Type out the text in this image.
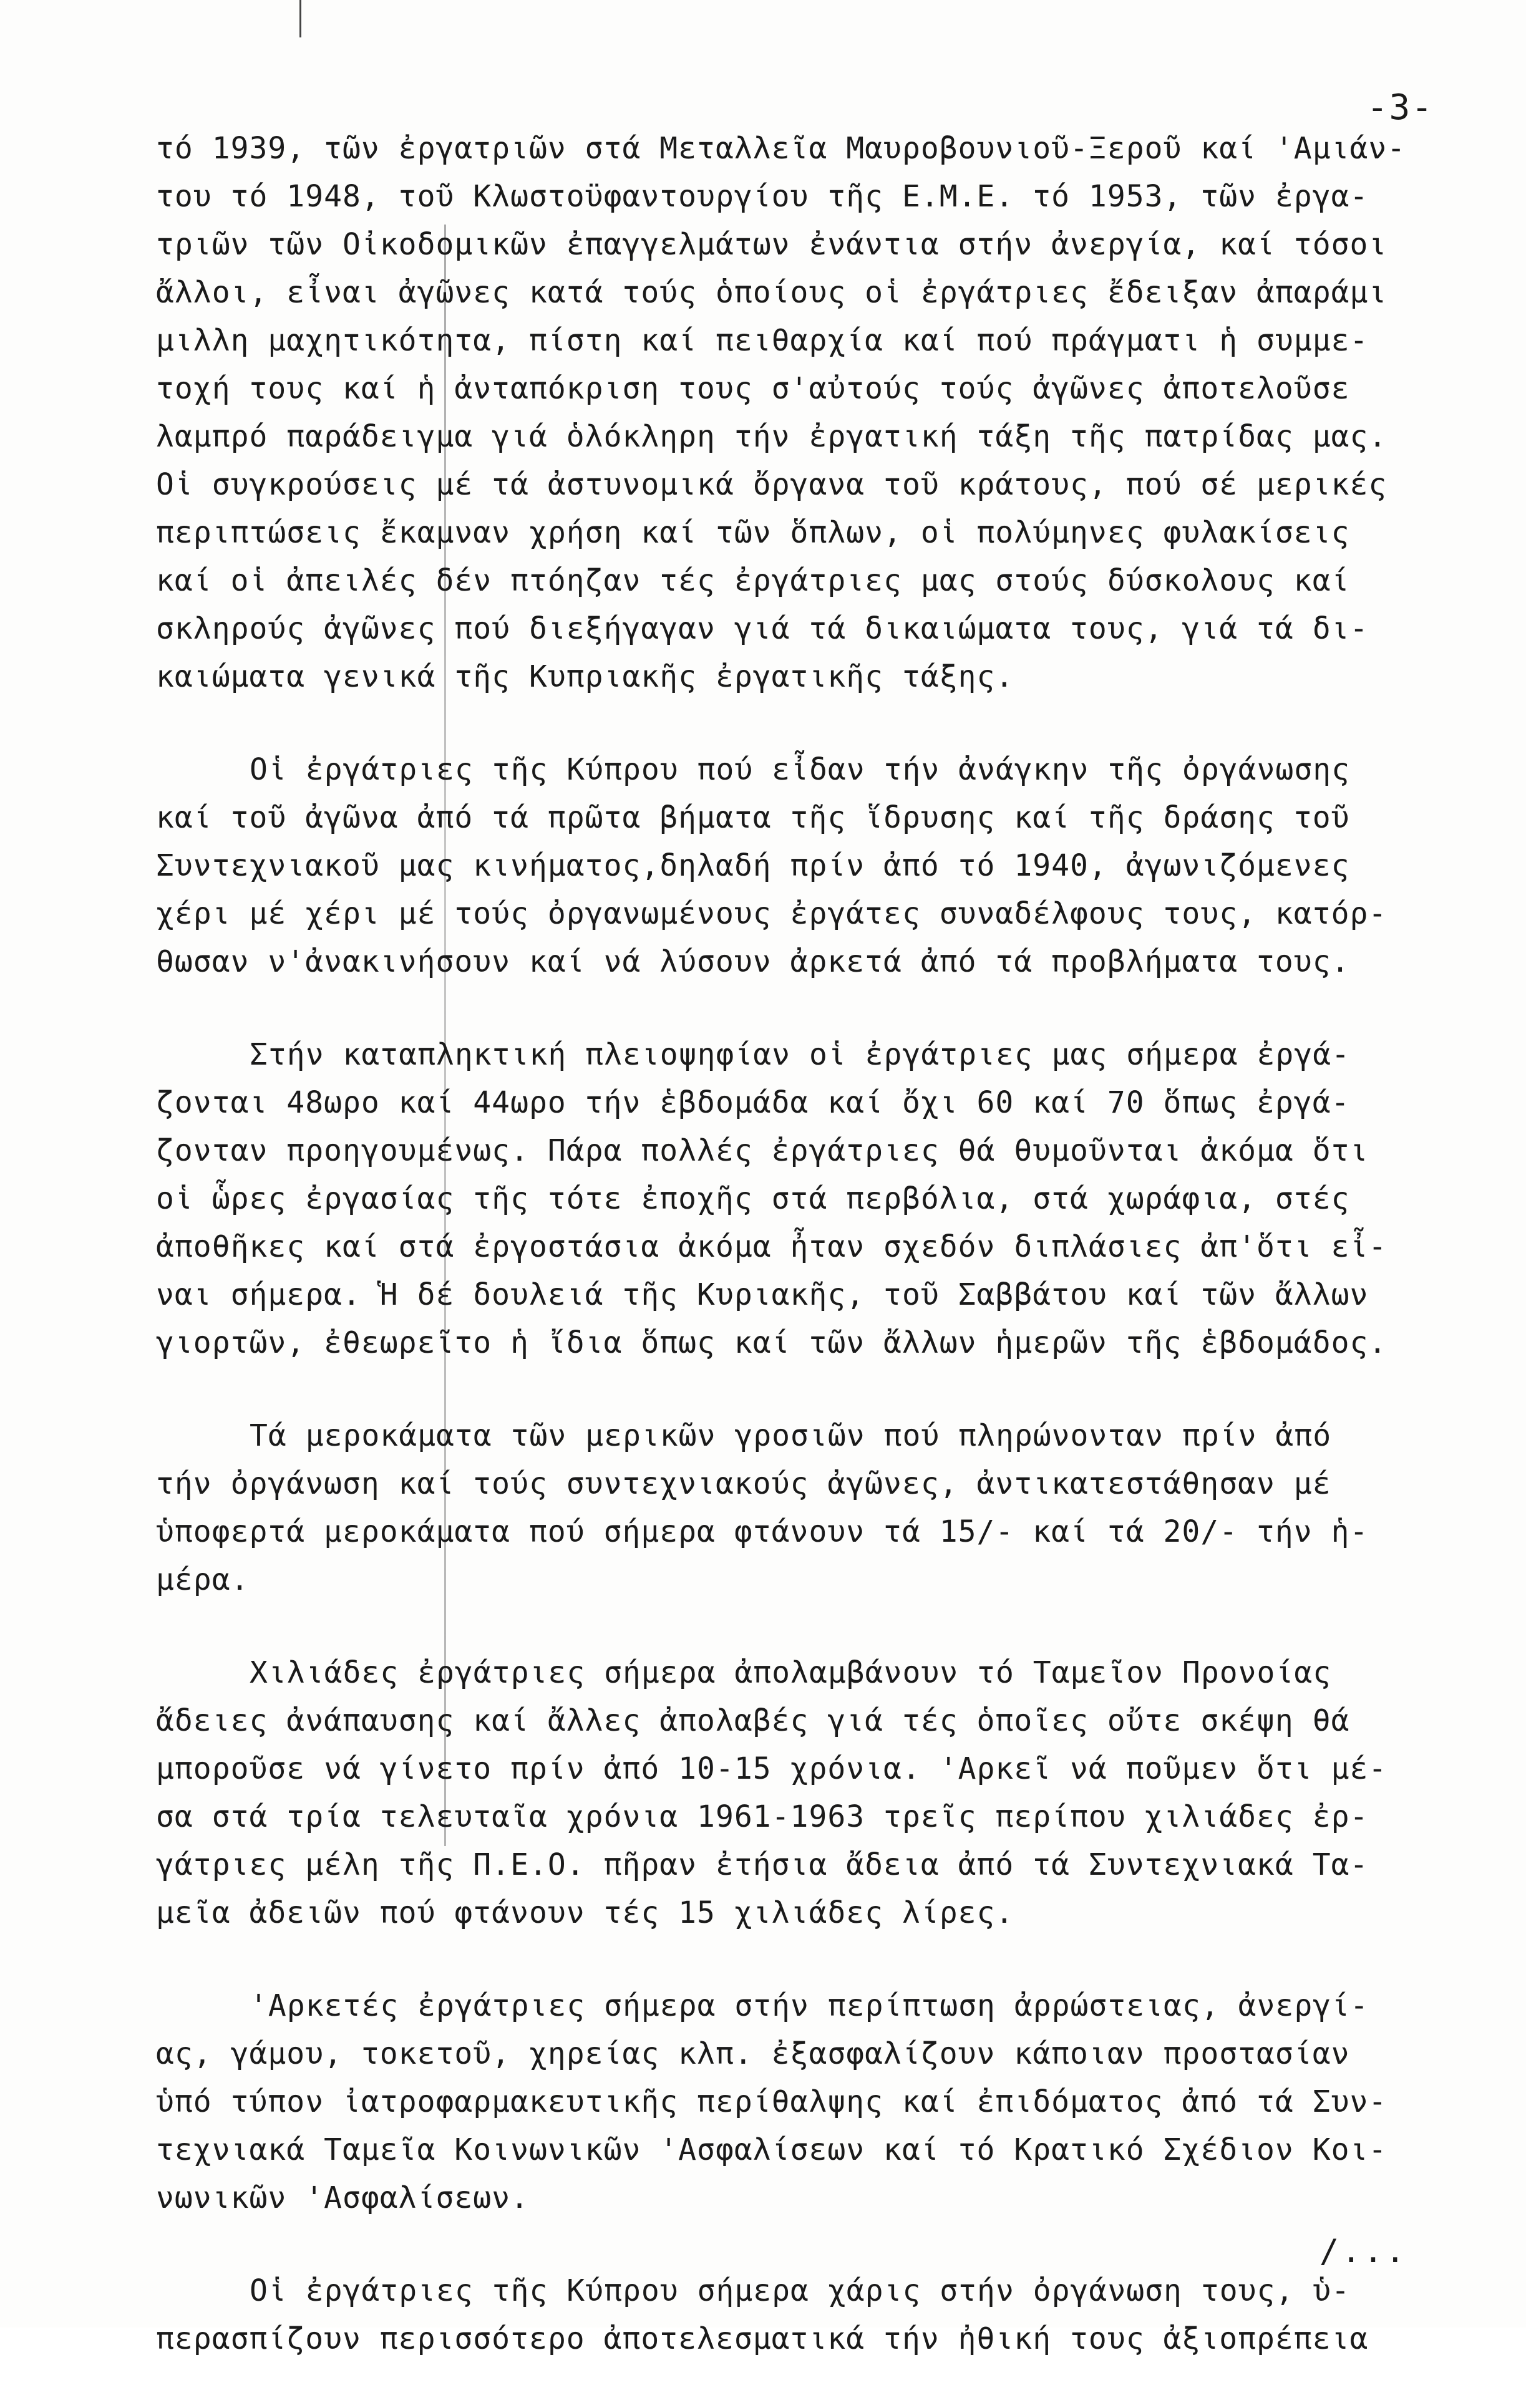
-3-
τό 1939, τῶν ἐργατριῶν στά Μεταλλεῖα Μαυροβουνιοῦ-Ξεροῦ καί 'Αμιάν-
του τό 1948, τοῦ Κλωστοϋφαντουργίου τῆς Ε.Μ.Ε. τό 1953, τῶν ἐργα-
τριῶν τῶν Οἰκοδομικῶν ἐπαγγελμάτων ἐνάντια στήν ἀνεργία, καί τόσοι
ἄλλοι, εἶναι ἀγῶνες κατά τούς ὁποίους οἱ ἐργάτριες ἔδειξαν ἀπαράμι
μιλλη μαχητικότητα, πίστη καί πειθαρχία καί πού πράγματι ἡ συμμε-
τοχή τους καί ἡ ἀνταπόκριση τους σ'αὐτούς τούς ἀγῶνες ἀποτελοῦσε
λαμπρό παράδειγμα γιά ὁλόκληρη τήν ἐργατική τάξη τῆς πατρίδας μας.
Οἱ συγκρούσεις μέ τά ἀστυνομικά ὄργανα τοῦ κράτους, πού σέ μερικές
περιπτώσεις ἔκαμναν χρήση καί τῶν ὅπλων, οἱ πολύμηνες φυλακίσεις
καί οἱ ἀπειλές δέν πτόηζαν τές ἐργάτριες μας στούς δύσκολους καί
σκληρούς ἀγῶνες πού διεξήγαγαν γιά τά δικαιώματα τους, γιά τά δι-
καιώματα γενικά τῆς Κυπριακῆς ἐργατικῆς τάξης.
Οἱ ἐργάτριες τῆς Κύπρου πού εἶδαν τήν ἀνάγκην τῆς ὀργάνωσης
καί τοῦ ἀγῶνα ἀπό τά πρῶτα βήματα τῆς ἵδρυσης καί τῆς δράσης τοῦ
Συντεχνιακοῦ μας κινήματος,δηλαδή πρίν ἀπό τό 1940, ἀγωνιζόμενες
χέρι μέ χέρι μέ τούς ὀργανωμένους ἐργάτες συναδέλφους τους, κατόρ-
θωσαν ν'ἀνακινήσουν καί νά λύσουν ἀρκετά ἀπό τά προβλήματα τους.
Στήν καταπληκτική πλειοψηφίαν οἱ ἐργάτριες μας σήμερα ἐργά-
ζονται 48ωρο καί 44ωρο τήν ἑβδομάδα καί ὄχι 60 καί 70 ὅπως ἐργά-
ζονταν προηγουμένως. Πάρα πολλές ἐργάτριες θά θυμοῦνται ἀκόμα ὅτι
οἱ ὧρες ἐργασίας τῆς τότε ἐποχῆς στά περβόλια, στά χωράφια, στές
ἀποθῆκες καί στά ἐργοστάσια ἀκόμα ἦταν σχεδόν διπλάσιες ἀπ'ὅτι εἶ-
ναι σήμερα. Ἡ δέ δουλειά τῆς Κυριακῆς, τοῦ Σαββάτου καί τῶν ἄλλων
γιορτῶν, ἐθεωρεῖτο ἡ ἴδια ὅπως καί τῶν ἄλλων ἡμερῶν τῆς ἑβδομάδος.
Τά μεροκάματα τῶν μερικῶν γροσιῶν πού πληρώνονταν πρίν ἀπό
τήν ὀργάνωση καί τούς συντεχνιακούς ἀγῶνες, ἀντικατεστάθησαν μέ
ὑποφερτά μεροκάματα πού σήμερα φτάνουν τά 15/- καί τά 20/- τήν ἡ-
μέρα.
Χιλιάδες ἐργάτριες σήμερα ἀπολαμβάνουν τό Ταμεῖον Προνοίας
ἄδειες ἀνάπαυσης καί ἄλλες ἀπολαβές γιά τές ὁποῖες οὔτε σκέψη θά
μποροῦσε νά γίνετο πρίν ἀπό 10-15 χρόνια. 'Αρκεῖ νά ποῦμεν ὅτι μέ-
σα στά τρία τελευταῖα χρόνια 1961-1963 τρεῖς περίπου χιλιάδες ἐρ-
γάτριες μέλη τῆς Π.Ε.Ο. πῆραν ἐτήσια ἄδεια ἀπό τά Συντεχνιακά Τα-
μεῖα ἀδειῶν πού φτάνουν τές 15 χιλιάδες λίρες.
'Αρκετές ἐργάτριες σήμερα στήν περίπτωση ἀρρώστειας, ἀνεργί-
ας, γάμου, τοκετοῦ, χηρείας κλπ. ἐξασφαλίζουν κάποιαν προστασίαν
ὑπό τύπον ἰατροφαρμακευτικῆς περίθαλψης καί ἐπιδόματος ἀπό τά Συν-
τεχνιακά Ταμεῖα Κοινωνικῶν 'Ασφαλίσεων καί τό Κρατικό Σχέδιον Κοι-
νωνικῶν 'Ασφαλίσεων.
Οἱ ἐργάτριες τῆς Κύπρου σήμερα χάρις στήν ὀργάνωση τους, ὑ-
περασπίζουν περισσότερο ἀποτελεσματικά τήν ἠθική τους ἀξιοπρέπεια
/...
